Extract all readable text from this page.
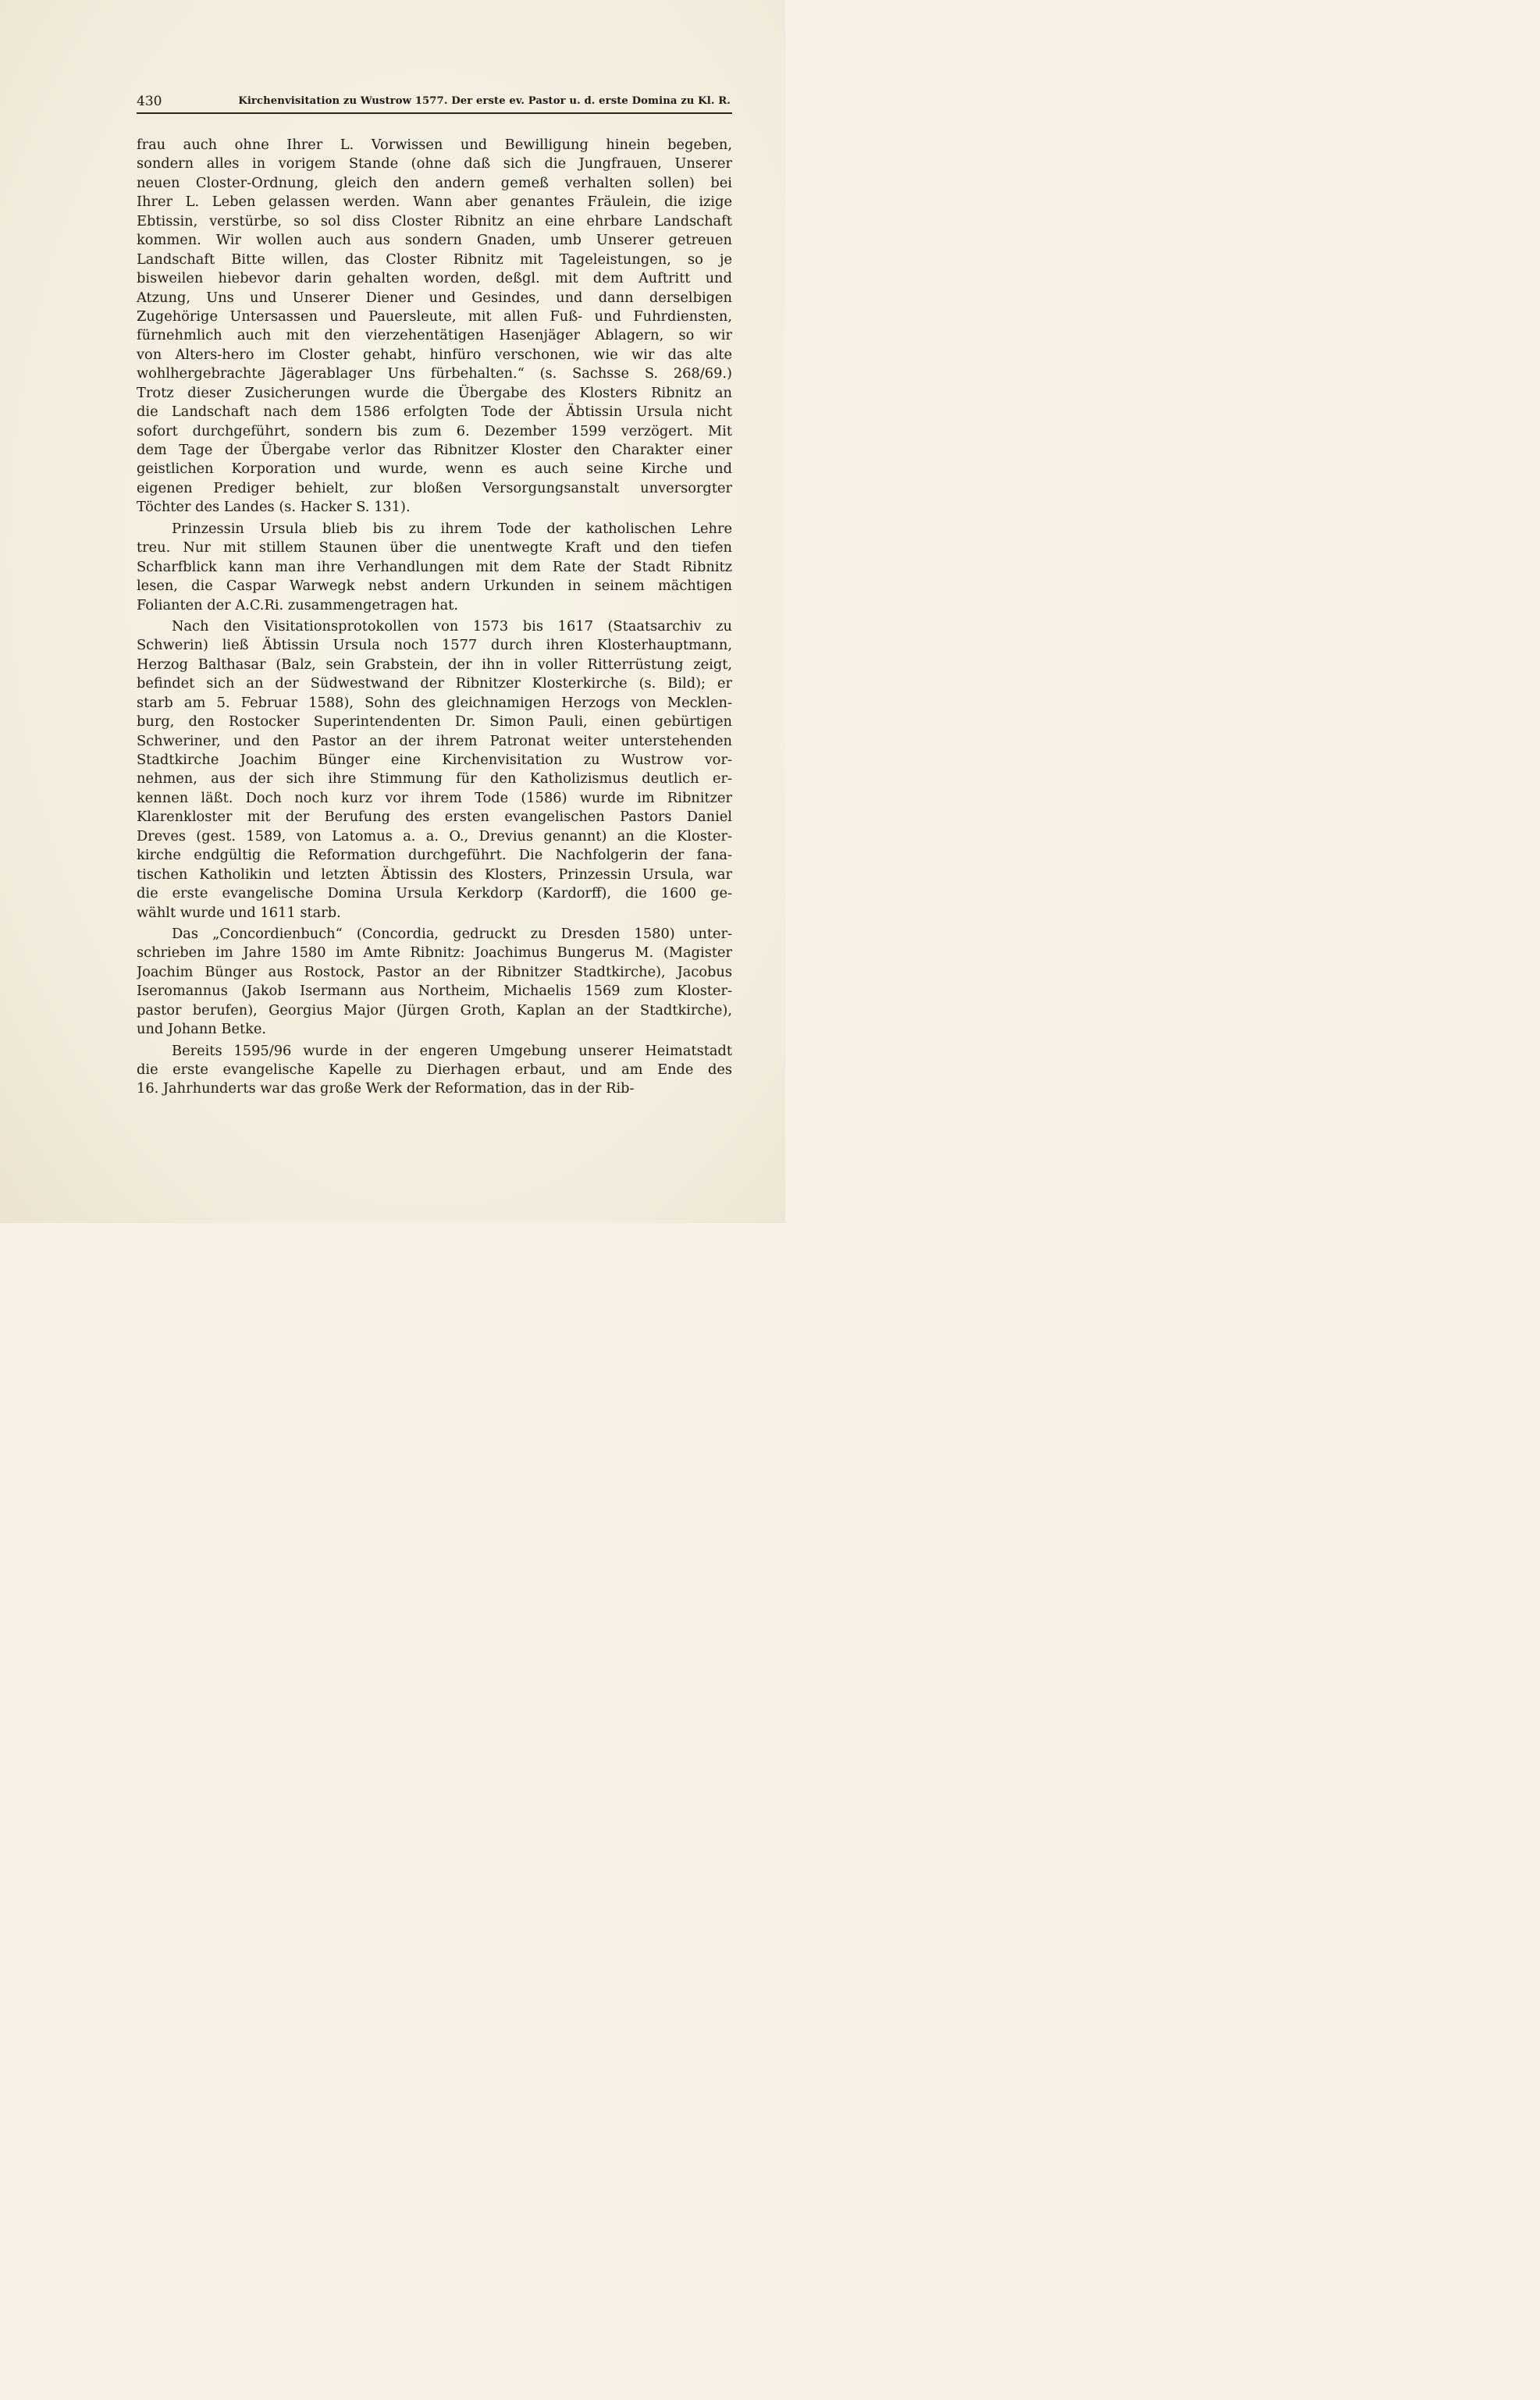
430	Kirchenvisitation zu Wustrow 1577. Der erste ev. Pastor u. d. erste Domina zu Kl. R.
frau auch ohne Ihrer L. Vorwissen und Bewilligung hinein begeben,
sondern alles in vorigem Stande (ohne daß sich die Jungfrauen, Unserer
neuen Closter-Ordnung, gleich den andern gemeß verhalten sollen) bei
Ihrer L. Leben gelassen werden. Wann aber genantes Fräulein, die izige
Ebtissin, verstürbe, so sol diss Closter Ribnitz an eine ehrbare Landschaft
kommen. Wir wollen auch aus sondern Gnaden, umb Unserer getreuen
Landschaft Bitte willen, das Closter Ribnitz mit Tageleistungen, so je
bisweilen hiebevor darin gehalten worden, deßgl. mit dem Auftritt und
Atzung, Uns und Unserer Diener und Gesindes, und dann derselbigen
Zugehörige Untersassen und Pauersleute, mit allen Fuß- und Fuhrdiensten,
fürnehmlich auch mit den vierzehentätigen Hasenjäger Ablagern, so wir
von Alters-hero im Closter gehabt, hinfüro verschonen, wie wir das alte
wohlhergebrachte Jägerablager Uns fürbehalten.“ (s. Sachsse S. 268/69.)
Trotz dieser Zusicherungen wurde die Übergabe des Klosters Ribnitz an
die Landschaft nach dem 1586 erfolgten Tode der Äbtissin Ursula nicht
sofort durchgeführt, sondern bis zum 6. Dezember 1599 verzögert. Mit
dem Tage der Übergabe verlor das Ribnitzer Kloster den Charakter einer
geistlichen Korporation und wurde, wenn es auch seine Kirche und
eigenen Prediger behielt, zur bloßen Versorgungsanstalt unversorgter
Töchter des Landes (s. Hacker S. 131).
Prinzessin Ursula blieb bis zu ihrem Tode der katholischen Lehre
treu. Nur mit stillem Staunen über die unentwegte Kraft und den tiefen
Scharfblick kann man ihre Verhandlungen mit dem Rate der Stadt Ribnitz
lesen, die Caspar Warwegk nebst andern Urkunden in seinem mächtigen
Folianten der A.C.Ri. zusammengetragen hat.
Nach den Visitationsprotokollen von 1573 bis 1617 (Staatsarchiv zu
Schwerin) ließ Äbtissin Ursula noch 1577 durch ihren Klosterhauptmann,
Herzog Balthasar (Balz, sein Grabstein, der ihn in voller Ritterrüstung zeigt,
befindet sich an der Südwestwand der Ribnitzer Klosterkirche (s. Bild); er
starb am 5. Februar 1588), Sohn des gleichnamigen Herzogs von Mecklen-
burg, den Rostocker Superintendenten Dr. Simon Pauli, einen gebürtigen
Schweriner, und den Pastor an der ihrem Patronat weiter unterstehenden
Stadtkirche Joachim Bünger eine Kirchenvisitation zu Wustrow vor-
nehmen, aus der sich ihre Stimmung für den Katholizismus deutlich er-
kennen läßt. Doch noch kurz vor ihrem Tode (1586) wurde im Ribnitzer
Klarenkloster mit der Berufung des ersten evangelischen Pastors Daniel
Dreves (gest. 1589, von Latomus a. a. O., Drevius genannt) an die Kloster-
kirche endgültig die Reformation durchgeführt. Die Nachfolgerin der fana-
tischen Katholikin und letzten Äbtissin des Klosters, Prinzessin Ursula, war
die erste evangelische Domina Ursula Kerkdorp (Kardorff), die 1600 ge-
wählt wurde und 1611 starb.
Das „Concordienbuch“ (Concordia, gedruckt zu Dresden 1580) unter-
schrieben im Jahre 1580 im Amte Ribnitz: Joachimus Bungerus M. (Magister
Joachim Bünger aus Rostock, Pastor an der Ribnitzer Stadtkirche), Jacobus
Iseromannus (Jakob Isermann aus Northeim, Michaelis 1569 zum Kloster-
pastor berufen), Georgius Major (Jürgen Groth, Kaplan an der Stadtkirche),
und Johann Betke.
Bereits 1595/96 wurde in der engeren Umgebung unserer Heimatstadt
die erste evangelische Kapelle zu Dierhagen erbaut, und am Ende des
16. Jahrhunderts war das große Werk der Reformation, das in der Rib-
